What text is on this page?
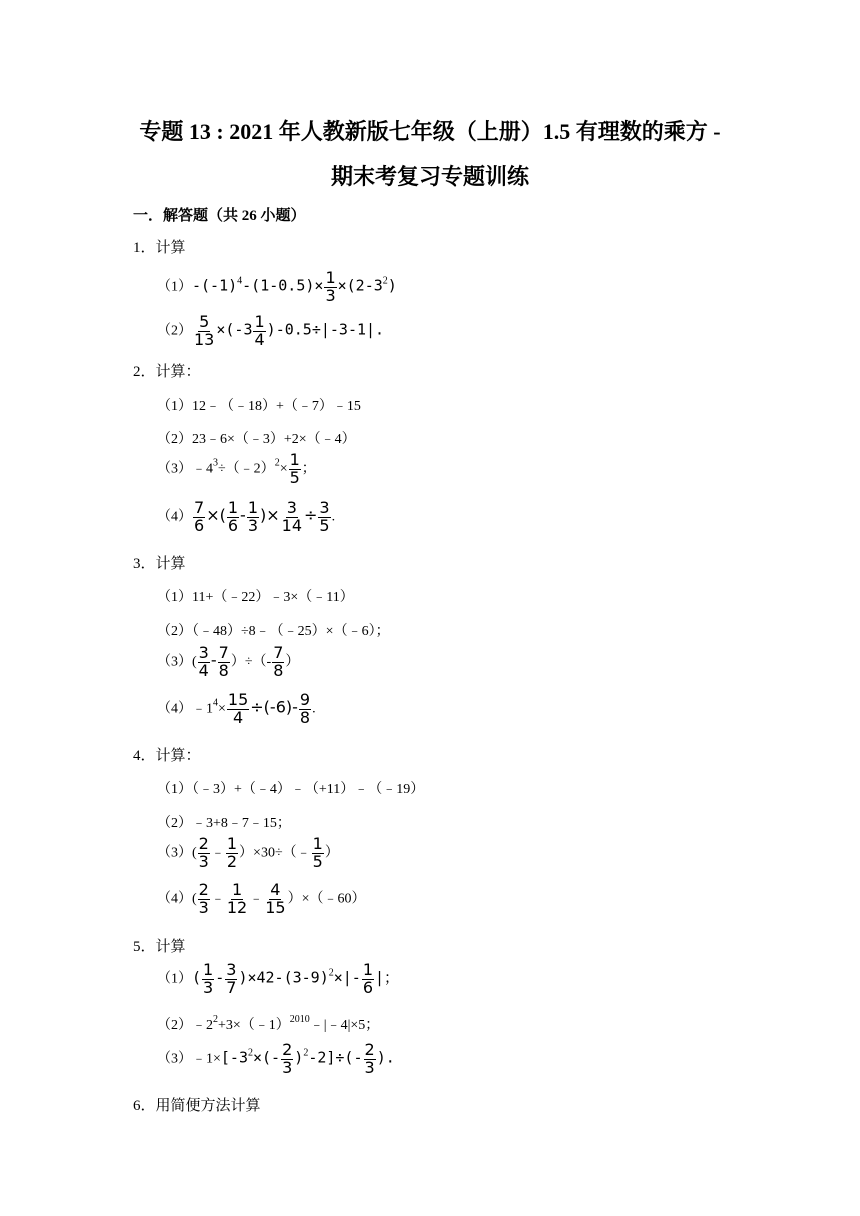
专题 13 : 2021 年人教新版七年级（上册）1.5 有理数的乘方 -
期末考复习专题训练
一．解答题（共 26 小题）
1．计算
$(1)-(-1)^4-(1-0.5)\times \frac{1}{3} \times(2-3^2)$
$(2) \frac{5}{13} \times(-3 \frac{1}{4} )-0.5\div|-3-1|$.
2．计算：
（1）12﹣（﹣18）+（﹣7）﹣15
（2）23﹣6×（﹣3）+2×（﹣4）
$(3)﹣4^3\div(﹣2)^2\times \frac{1}{5}$ ；
$(4) \frac{7}{6}$ ×( $\frac{1}{6} - \frac{1}{3}$ )× $\frac{3}{14} \div \frac{3}{5}$ .
3．计算
（1）11+（﹣22）﹣3×（﹣11）
（2）（﹣48）÷8﹣（﹣25）×（﹣6）；
$(3)( \frac{3}{4} - \frac{7}{8}$ ）÷（- $\frac{7}{8}$ ）
$(4)﹣1^4\times \frac{15}{4} \div(-6)- \frac{9}{8}$ .
4．计算：
（1）（﹣3）+（﹣4）﹣（+11）﹣（﹣19）
（2）﹣3+8﹣7﹣15；
$(3)( \frac{2}{3}$ ﹣ $\frac{1}{2}$ ）×30÷（﹣ $\frac{1}{5}$ ）
$(4)( \frac{2}{3}$ ﹣ $\frac{1}{12}$ ﹣ $\frac{4}{15}$ ）×（﹣60）
5．计算
$(1)( \frac{1}{3} - \frac{3}{7} )\times 42-(3-9)^2\times|- \frac{1}{6}$ |；
$(2)﹣2^2+3\times(﹣1)^{2010}﹣|﹣4|\times 5$；
$(3)﹣1\times[-3^2\times(- \frac{2}{3} )^2-2]\div(- \frac{2}{3}$ ).
6．用简便方法计算
